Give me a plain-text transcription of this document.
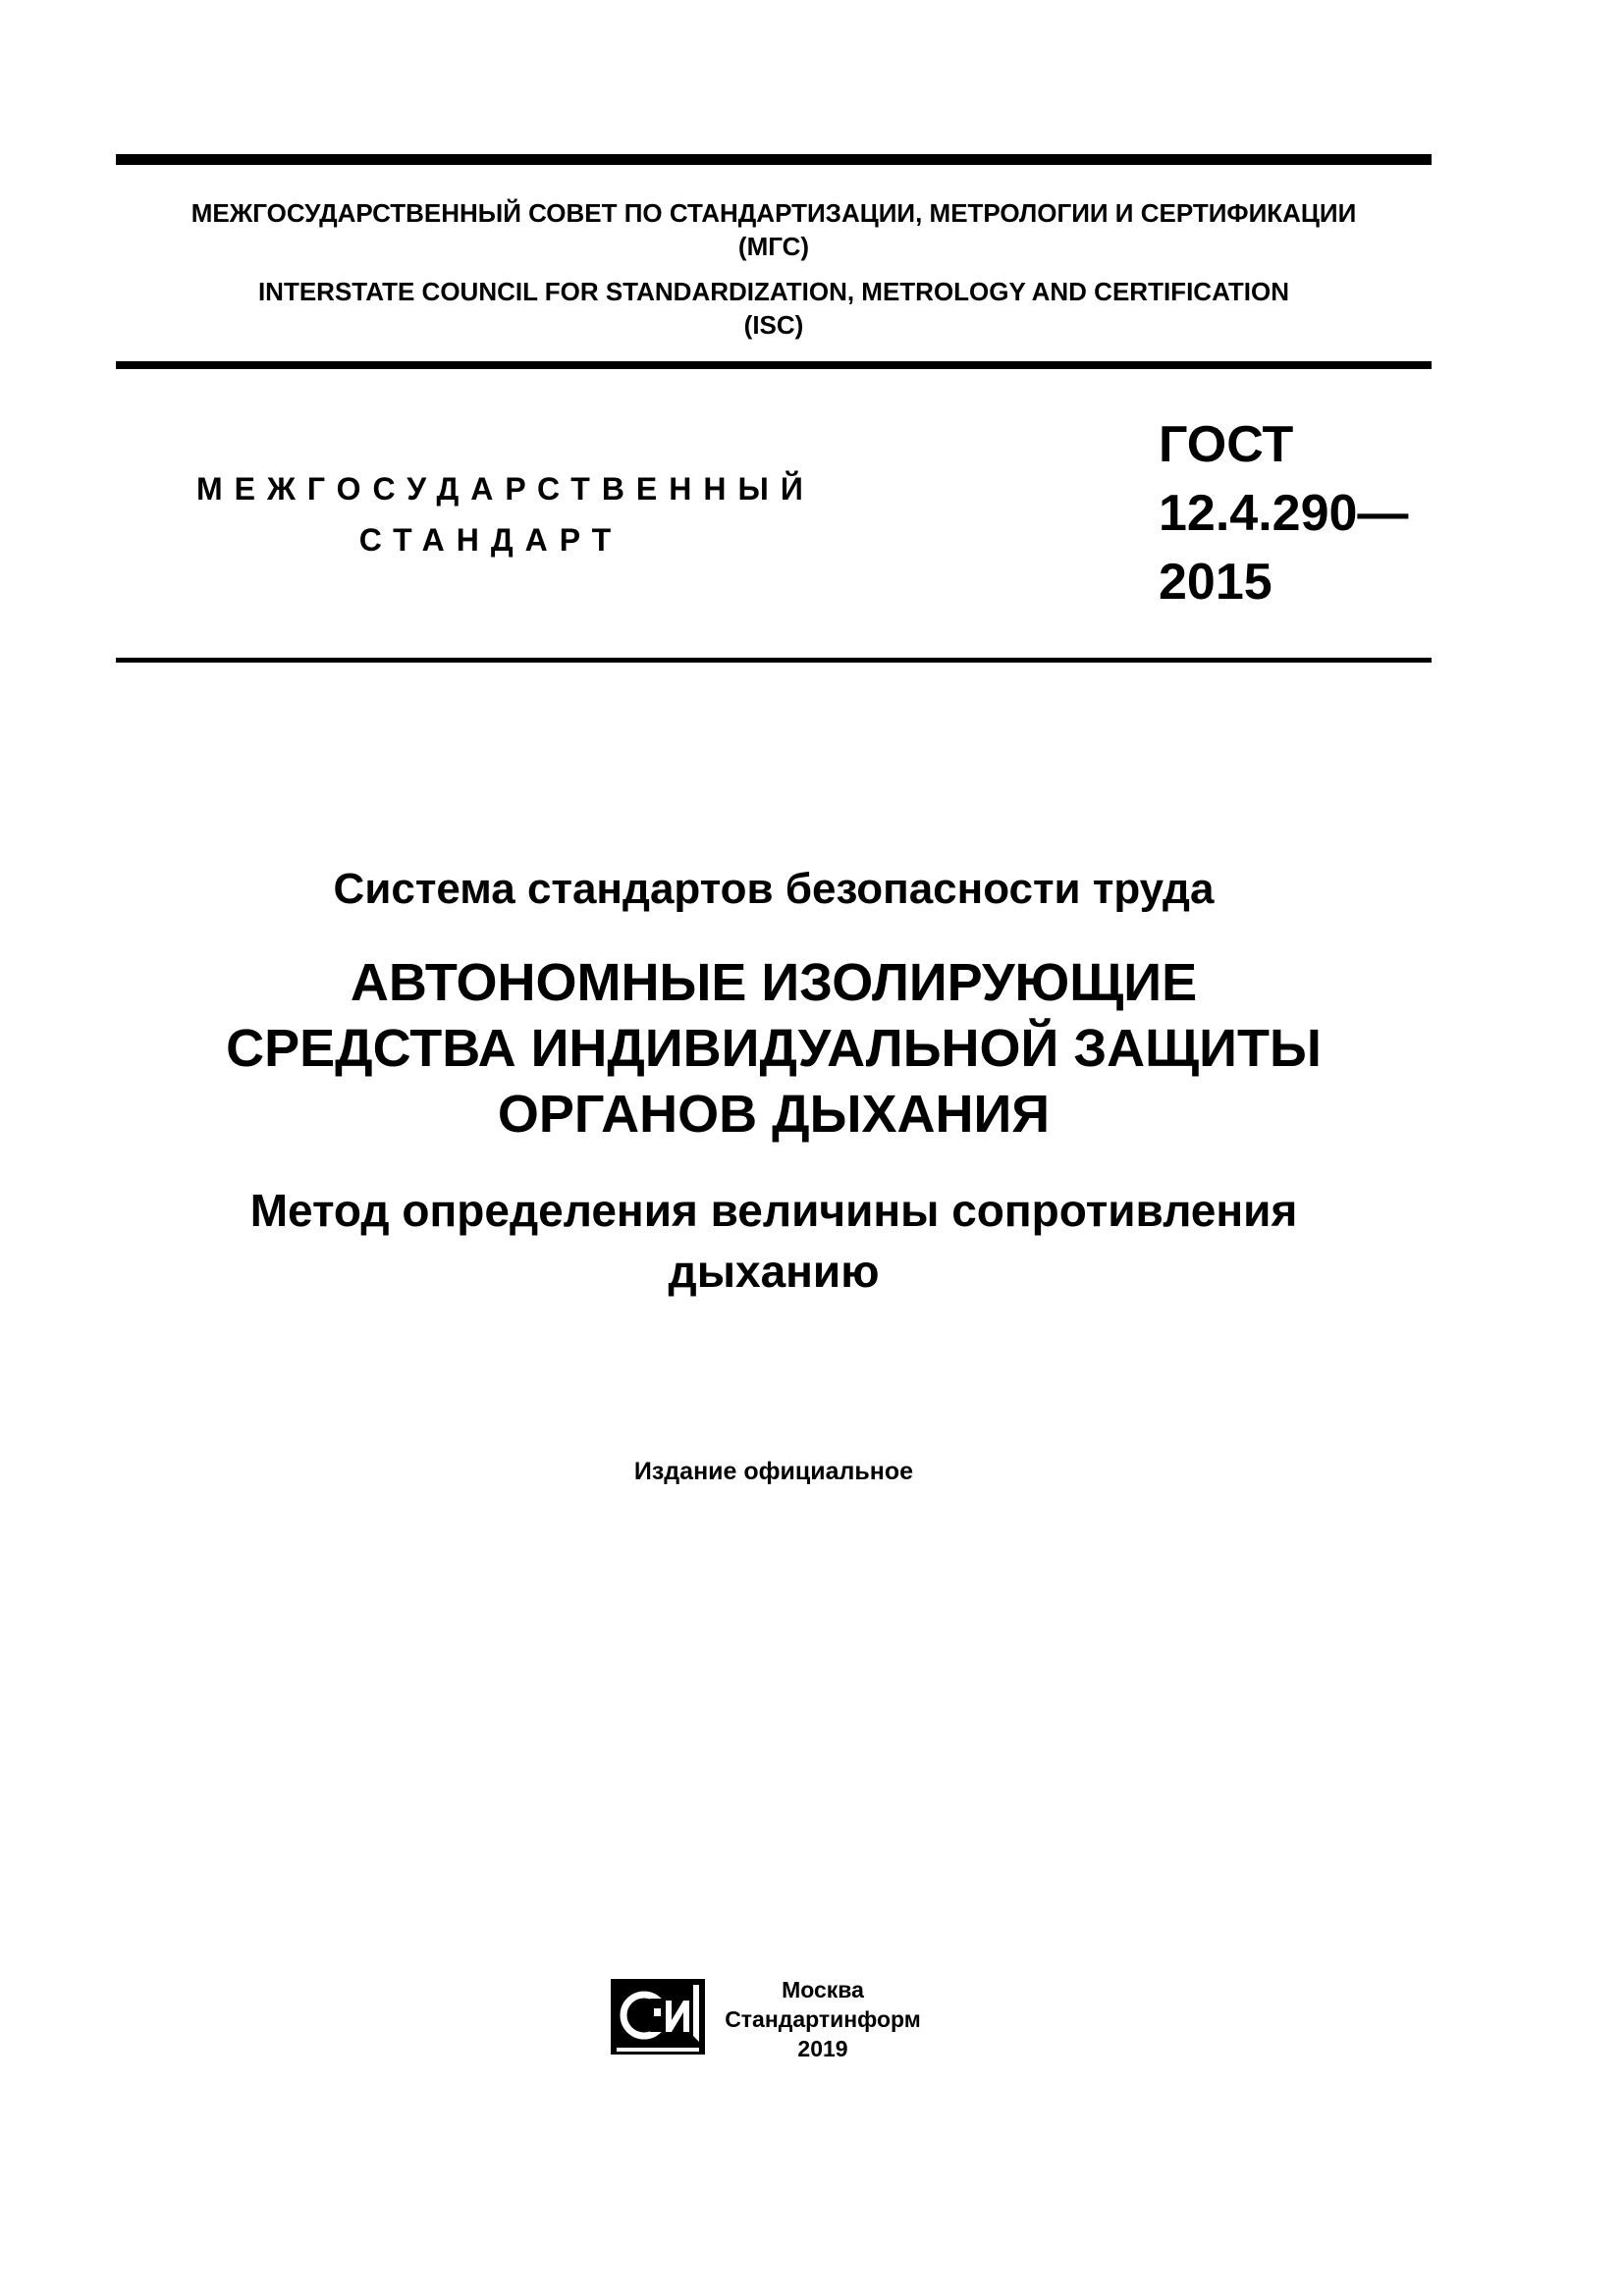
МЕЖГОСУДАРСТВЕННЫЙ СОВЕТ ПО СТАНДАРТИЗАЦИИ, МЕТРОЛОГИИ И СЕРТИФИКАЦИИ
(МГС)
INTERSTATE COUNCIL FOR STANDARDIZATION, METROLOGY AND CERTIFICATION
(ISC)
МЕЖГОСУДАРСТВЕННЫЙ
СТАНДАРТ
ГОСТ
12.4.290—
2015
Система стандартов безопасности труда
АВТОНОМНЫЕ ИЗОЛИРУЮЩИЕ
СРЕДСТВА ИНДИВИДУАЛЬНОЙ ЗАЩИТЫ
ОРГАНОВ ДЫХАНИЯ
Метод определения величины сопротивления
дыханию
Издание официальное
Москва
Стандартинформ
2019
